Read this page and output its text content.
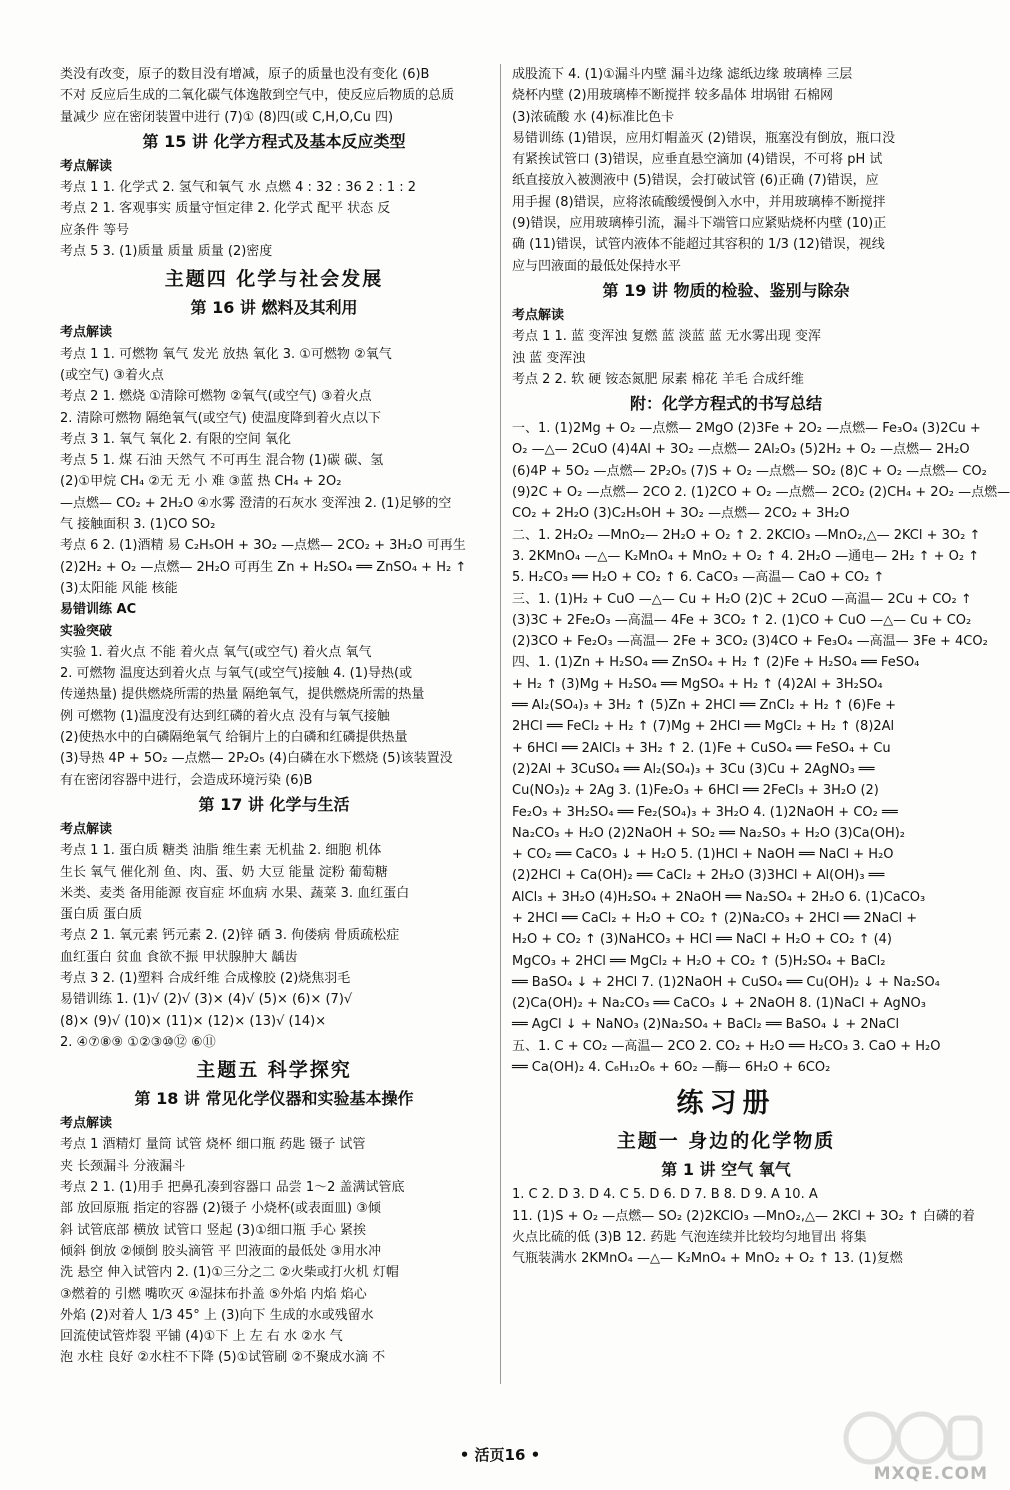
类没有改变，原子的数目没有增减，原子的质量也没有变化 (6)B
不对 反应后生成的二氧化碳气体逸散到空气中，使反应后物质的总质
量减少 应在密闭装置中进行 (7)① (8)四(或 C,H,O,Cu 四)
第 15 讲 化学方程式及基本反应类型
考点解读
考点 1 1. 化学式 2. 氢气和氧气 水 点燃 4 : 32 : 36 2 : 1 : 2
考点 2 1. 客观事实 质量守恒定律 2. 化学式 配平 状态 反
应条件 等号
考点 5 3. (1)质量 质量 质量 (2)密度
主题四 化学与社会发展
第 16 讲 燃料及其利用
考点解读
考点 1 1. 可燃物 氧气 发光 放热 氧化 3. ①可燃物 ②氧气
(或空气) ③着火点
考点 2 1. 燃烧 ①清除可燃物 ②氧气(或空气) ③着火点
2. 清除可燃物 隔绝氧气(或空气) 使温度降到着火点以下
考点 3 1. 氧气 氧化 2. 有限的空间 氧化
考点 5 1. 煤 石油 天然气 不可再生 混合物 (1)碳 碳、氢
(2)①甲烷 CH₄ ②无 无 小 难 ③蓝 热 CH₄ + 2O₂
—点燃— CO₂ + 2H₂O ④水雾 澄清的石灰水 变浑浊 2. (1)足够的空
气 接触面积 3. (1)CO SO₂
考点 6 2. (1)酒精 易 C₂H₅OH + 3O₂ —点燃— 2CO₂ + 3H₂O 可再生
(2)2H₂ + O₂ —点燃— 2H₂O 可再生 Zn + H₂SO₄ ══ ZnSO₄ + H₂ ↑
(3)太阳能 风能 核能
易错训练 AC
实验突破
实验 1. 着火点 不能 着火点 氧气(或空气) 着火点 氧气
2. 可燃物 温度达到着火点 与氧气(或空气)接触 4. (1)导热(或
传递热量) 提供燃烧所需的热量 隔绝氧气，提供燃烧所需的热量
例 可燃物 (1)温度没有达到红磷的着火点 没有与氧气接触
(2)使热水中的白磷隔绝氧气 给铜片上的白磷和红磷提供热量
(3)导热 4P + 5O₂ —点燃— 2P₂O₅ (4)白磷在水下燃烧 (5)该装置没
有在密闭容器中进行，会造成环境污染 (6)B
第 17 讲 化学与生活
考点解读
考点 1 1. 蛋白质 糖类 油脂 维生素 无机盐 2. 细胞 机体
生长 氧气 催化剂 鱼、肉、蛋、奶 大豆 能量 淀粉 葡萄糖
米类、麦类 备用能源 夜盲症 坏血病 水果、蔬菜 3. 血红蛋白
蛋白质 蛋白质
考点 2 1. 氧元素 钙元素 2. (2)锌 硒 3. 佝偻病 骨质疏松症
血红蛋白 贫血 食欲不振 甲状腺肿大 龋齿
考点 3 2. (1)塑料 合成纤维 合成橡胶 (2)烧焦羽毛
易错训练 1. (1)√ (2)√ (3)× (4)√ (5)× (6)× (7)√
(8)× (9)√ (10)× (11)× (12)× (13)√ (14)×
2. ④⑦⑧⑨ ①②③⑩⑫ ⑥⑪
主题五 科学探究
第 18 讲 常见化学仪器和实验基本操作
考点解读
考点 1 酒精灯 量筒 试管 烧杯 细口瓶 药匙 镊子 试管
夹 长颈漏斗 分液漏斗
考点 2 1. (1)用手 把鼻孔凑到容器口 品尝 1～2 盖满试管底
部 放回原瓶 指定的容器 (2)镊子 小烧杯(或表面皿) ③倾
斜 试管底部 横放 试管口 竖起 (3)①细口瓶 手心 紧挨
倾斜 倒放 ②倾倒 胶头滴管 平 凹液面的最低处 ③用水冲
洗 悬空 伸入试管内 2. (1)①三分之二 ②火柴或打火机 灯帽
③燃着的 引燃 嘴吹灭 ④湿抹布扑盖 ⑤外焰 内焰 焰心
外焰 (2)对着人 1/3 45° 上 (3)向下 生成的水或残留水
回流使试管炸裂 平铺 (4)①下 上 左 右 水 ②水 气
泡 水柱 良好 ②水柱不下降 (5)①试管刷 ②不聚成水滴 不
成股流下 4. (1)①漏斗内壁 漏斗边缘 滤纸边缘 玻璃棒 三层
烧杯内壁 (2)用玻璃棒不断搅拌 较多晶体 坩埚钳 石棉网
(3)浓硫酸 水 (4)标准比色卡
易错训练 (1)错误，应用灯帽盖灭 (2)错误，瓶塞没有倒放，瓶口没
有紧挨试管口 (3)错误，应垂直悬空滴加 (4)错误，不可将 pH 试
纸直接放入被测液中 (5)错误，会打破试管 (6)正确 (7)错误，应
用手握 (8)错误，应将浓硫酸缓慢倒入水中，并用玻璃棒不断搅拌
(9)错误，应用玻璃棒引流，漏斗下端管口应紧贴烧杯内壁 (10)正
确 (11)错误，试管内液体不能超过其容积的 1/3 (12)错误，视线
应与凹液面的最低处保持水平
第 19 讲 物质的检验、鉴别与除杂
考点解读
考点 1 1. 蓝 变浑浊 复燃 蓝 淡蓝 蓝 无水雾出现 变浑
浊 蓝 变浑浊
考点 2 2. 软 硬 铵态氮肥 尿素 棉花 羊毛 合成纤维
附：化学方程式的书写总结
一、1. (1)2Mg + O₂ —点燃— 2MgO (2)3Fe + 2O₂ —点燃— Fe₃O₄ (3)2Cu +
O₂ —△— 2CuO (4)4Al + 3O₂ —点燃— 2Al₂O₃ (5)2H₂ + O₂ —点燃— 2H₂O
(6)4P + 5O₂ —点燃— 2P₂O₅ (7)S + O₂ —点燃— SO₂ (8)C + O₂ —点燃— CO₂
(9)2C + O₂ —点燃— 2CO 2. (1)2CO + O₂ —点燃— 2CO₂ (2)CH₄ + 2O₂ —点燃—
CO₂ + 2H₂O (3)C₂H₅OH + 3O₂ —点燃— 2CO₂ + 3H₂O
二、1. 2H₂O₂ —MnO₂— 2H₂O + O₂ ↑ 2. 2KClO₃ —MnO₂,△— 2KCl + 3O₂ ↑
3. 2KMnO₄ —△— K₂MnO₄ + MnO₂ + O₂ ↑ 4. 2H₂O —通电— 2H₂ ↑ + O₂ ↑
5. H₂CO₃ ══ H₂O + CO₂ ↑ 6. CaCO₃ —高温— CaO + CO₂ ↑
三、1. (1)H₂ + CuO —△— Cu + H₂O (2)C + 2CuO —高温— 2Cu + CO₂ ↑
(3)3C + 2Fe₂O₃ —高温— 4Fe + 3CO₂ ↑ 2. (1)CO + CuO —△— Cu + CO₂
(2)3CO + Fe₂O₃ —高温— 2Fe + 3CO₂ (3)4CO + Fe₃O₄ —高温— 3Fe + 4CO₂
四、1. (1)Zn + H₂SO₄ ══ ZnSO₄ + H₂ ↑ (2)Fe + H₂SO₄ ══ FeSO₄
+ H₂ ↑ (3)Mg + H₂SO₄ ══ MgSO₄ + H₂ ↑ (4)2Al + 3H₂SO₄
══ Al₂(SO₄)₃ + 3H₂ ↑ (5)Zn + 2HCl ══ ZnCl₂ + H₂ ↑ (6)Fe +
2HCl ══ FeCl₂ + H₂ ↑ (7)Mg + 2HCl ══ MgCl₂ + H₂ ↑ (8)2Al
+ 6HCl ══ 2AlCl₃ + 3H₂ ↑ 2. (1)Fe + CuSO₄ ══ FeSO₄ + Cu
(2)2Al + 3CuSO₄ ══ Al₂(SO₄)₃ + 3Cu (3)Cu + 2AgNO₃ ══
Cu(NO₃)₂ + 2Ag 3. (1)Fe₂O₃ + 6HCl ══ 2FeCl₃ + 3H₂O (2)
Fe₂O₃ + 3H₂SO₄ ══ Fe₂(SO₄)₃ + 3H₂O 4. (1)2NaOH + CO₂ ══
Na₂CO₃ + H₂O (2)2NaOH + SO₂ ══ Na₂SO₃ + H₂O (3)Ca(OH)₂
+ CO₂ ══ CaCO₃ ↓ + H₂O 5. (1)HCl + NaOH ══ NaCl + H₂O
(2)2HCl + Ca(OH)₂ ══ CaCl₂ + 2H₂O (3)3HCl + Al(OH)₃ ══
AlCl₃ + 3H₂O (4)H₂SO₄ + 2NaOH ══ Na₂SO₄ + 2H₂O 6. (1)CaCO₃
+ 2HCl ══ CaCl₂ + H₂O + CO₂ ↑ (2)Na₂CO₃ + 2HCl ══ 2NaCl +
H₂O + CO₂ ↑ (3)NaHCO₃ + HCl ══ NaCl + H₂O + CO₂ ↑ (4)
MgCO₃ + 2HCl ══ MgCl₂ + H₂O + CO₂ ↑ (5)H₂SO₄ + BaCl₂
══ BaSO₄ ↓ + 2HCl 7. (1)2NaOH + CuSO₄ ══ Cu(OH)₂ ↓ + Na₂SO₄
(2)Ca(OH)₂ + Na₂CO₃ ══ CaCO₃ ↓ + 2NaOH 8. (1)NaCl + AgNO₃
══ AgCl ↓ + NaNO₃ (2)Na₂SO₄ + BaCl₂ ══ BaSO₄ ↓ + 2NaCl
五、1. C + CO₂ —高温— 2CO 2. CO₂ + H₂O ══ H₂CO₃ 3. CaO + H₂O
══ Ca(OH)₂ 4. C₆H₁₂O₆ + 6O₂ —酶— 6H₂O + 6CO₂
练习册
主题一 身边的化学物质
第 1 讲 空气 氧气
1. C 2. D 3. D 4. C 5. D 6. D 7. B 8. D 9. A 10. A
11. (1)S + O₂ —点燃— SO₂ (2)2KClO₃ —MnO₂,△— 2KCl + 3O₂ ↑ 白磷的着
火点比硫的低 (3)B 12. 药匙 气泡连续并比较均匀地冒出 将集
气瓶装满水 2KMnO₄ —△— K₂MnO₄ + MnO₂ + O₂ ↑ 13. (1)复燃
• 活页16 •
MXQE.COM
